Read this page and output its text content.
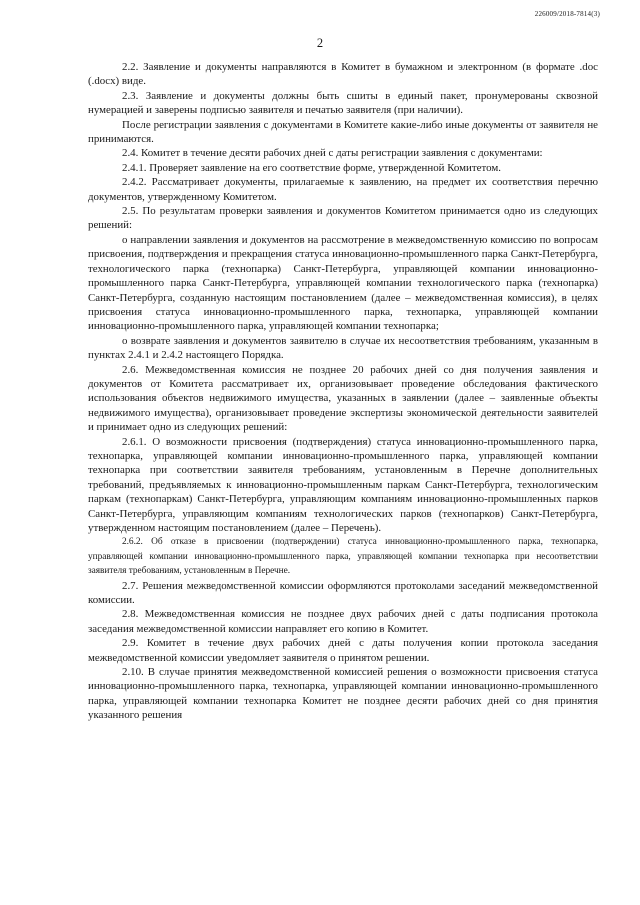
226009/2018-7814(3)
2

2.2. Заявление и документы направляются в Комитет в бумажном и электронном (в формате .doc (.docx) виде.

2.3. Заявление и документы должны быть сшиты в единый пакет, пронумерованы сквозной нумерацией и заверены подписью заявителя и печатью заявителя (при наличии).

После регистрации заявления с документами в Комитете какие-либо иные документы от заявителя не принимаются.

2.4. Комитет в течение десяти рабочих дней с даты регистрации заявления с документами:

2.4.1. Проверяет заявление на его соответствие форме, утвержденной Комитетом.

2.4.2. Рассматривает документы, прилагаемые к заявлению, на предмет их соответствия перечню документов, утвержденному Комитетом.

2.5. По результатам проверки заявления и документов Комитетом принимается одно из следующих решений:

о направлении заявления и документов на рассмотрение в межведомственную комиссию по вопросам присвоения, подтверждения и прекращения статуса инновационно-промышленного парка Санкт-Петербурга, технологического парка (технопарка) Санкт-Петербурга, управляющей компании инновационно-промышленного парка Санкт-Петербурга, управляющей компании технологического парка (технопарка) Санкт-Петербурга, созданную настоящим постановлением (далее – межведомственная комиссия), в целях присвоения статуса инновационно-промышленного парка, технопарка, управляющей компании инновационно-промышленного парка, управляющей компании технопарка;

о возврате заявления и документов заявителю в случае их несоответствия требованиям, указанным в пунктах 2.4.1 и 2.4.2 настоящего Порядка.

2.6. Межведомственная комиссия не позднее 20 рабочих дней со дня получения заявления и документов от Комитета рассматривает их, организовывает проведение обследования фактического использования объектов недвижимого имущества, указанных в заявлении (далее – заявленные объекты недвижимого имущества), организовывает проведение экспертизы экономической деятельности заявителей и принимает одно из следующих решений:

2.6.1. О возможности присвоения (подтверждения) статуса инновационно-промышленного парка, технопарка, управляющей компании инновационно-промышленного парка, управляющей компании технопарка при соответствии заявителя требованиям, установленным в Перечне дополнительных требований, предъявляемых к инновационно-промышленным паркам Санкт-Петербурга, технологическим паркам (технопаркам) Санкт-Петербурга, управляющим компаниям инновационно-промышленных парков Санкт-Петербурга, управляющим компаниям технологических парков (технопарков) Санкт-Петербурга, утвержденном настоящим постановлением (далее – Перечень).

2.6.2. Об отказе в присвоении (подтверждении) статуса инновационно-промышленного парка, технопарка, управляющей компании инновационно-промышленного парка, управляющей компании технопарка при несоответствии заявителя требованиям, установленным в Перечне.

2.7. Решения межведомственной комиссии оформляются протоколами заседаний межведомственной комиссии.

2.8. Межведомственная комиссия не позднее двух рабочих дней с даты подписания протокола заседания межведомственной комиссии направляет его копию в Комитет.

2.9. Комитет в течение двух рабочих дней с даты получения копии протокола заседания межведомственной комиссии уведомляет заявителя о принятом решении.

2.10. В случае принятия межведомственной комиссией решения о возможности присвоения статуса инновационно-промышленного парка, технопарка, управляющей компании инновационно-промышленного парка, управляющей компании технопарка Комитет не позднее десяти рабочих дней со дня принятия указанного решения
